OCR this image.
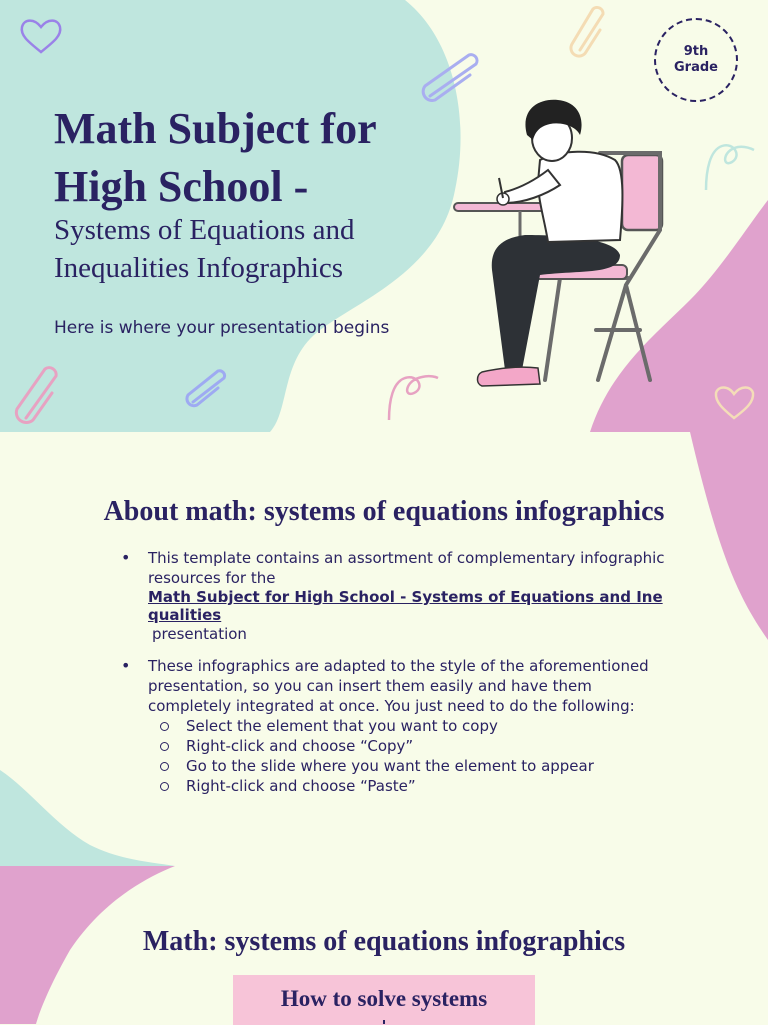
Math Subject for High School -

Systems of Equations and Inequalities Infographics

Here is where your presentation begins
9th
Grade
About math: systems of equations infographics
• This template contains an assortment of complementary infographic resources for the
Math Subject for High School - Systems of Equations and Inequalities
presentation
• These infographics are adapted to the style of the aforementioned presentation, so you can insert them easily and have them completely integrated at once. You just need to do the following:
Select the element that you want to copy
Right-click and choose “Copy”
Go to the slide where you want the element to appear
Right-click and choose “Paste”
Math: systems of equations infographics
How to solve systems
